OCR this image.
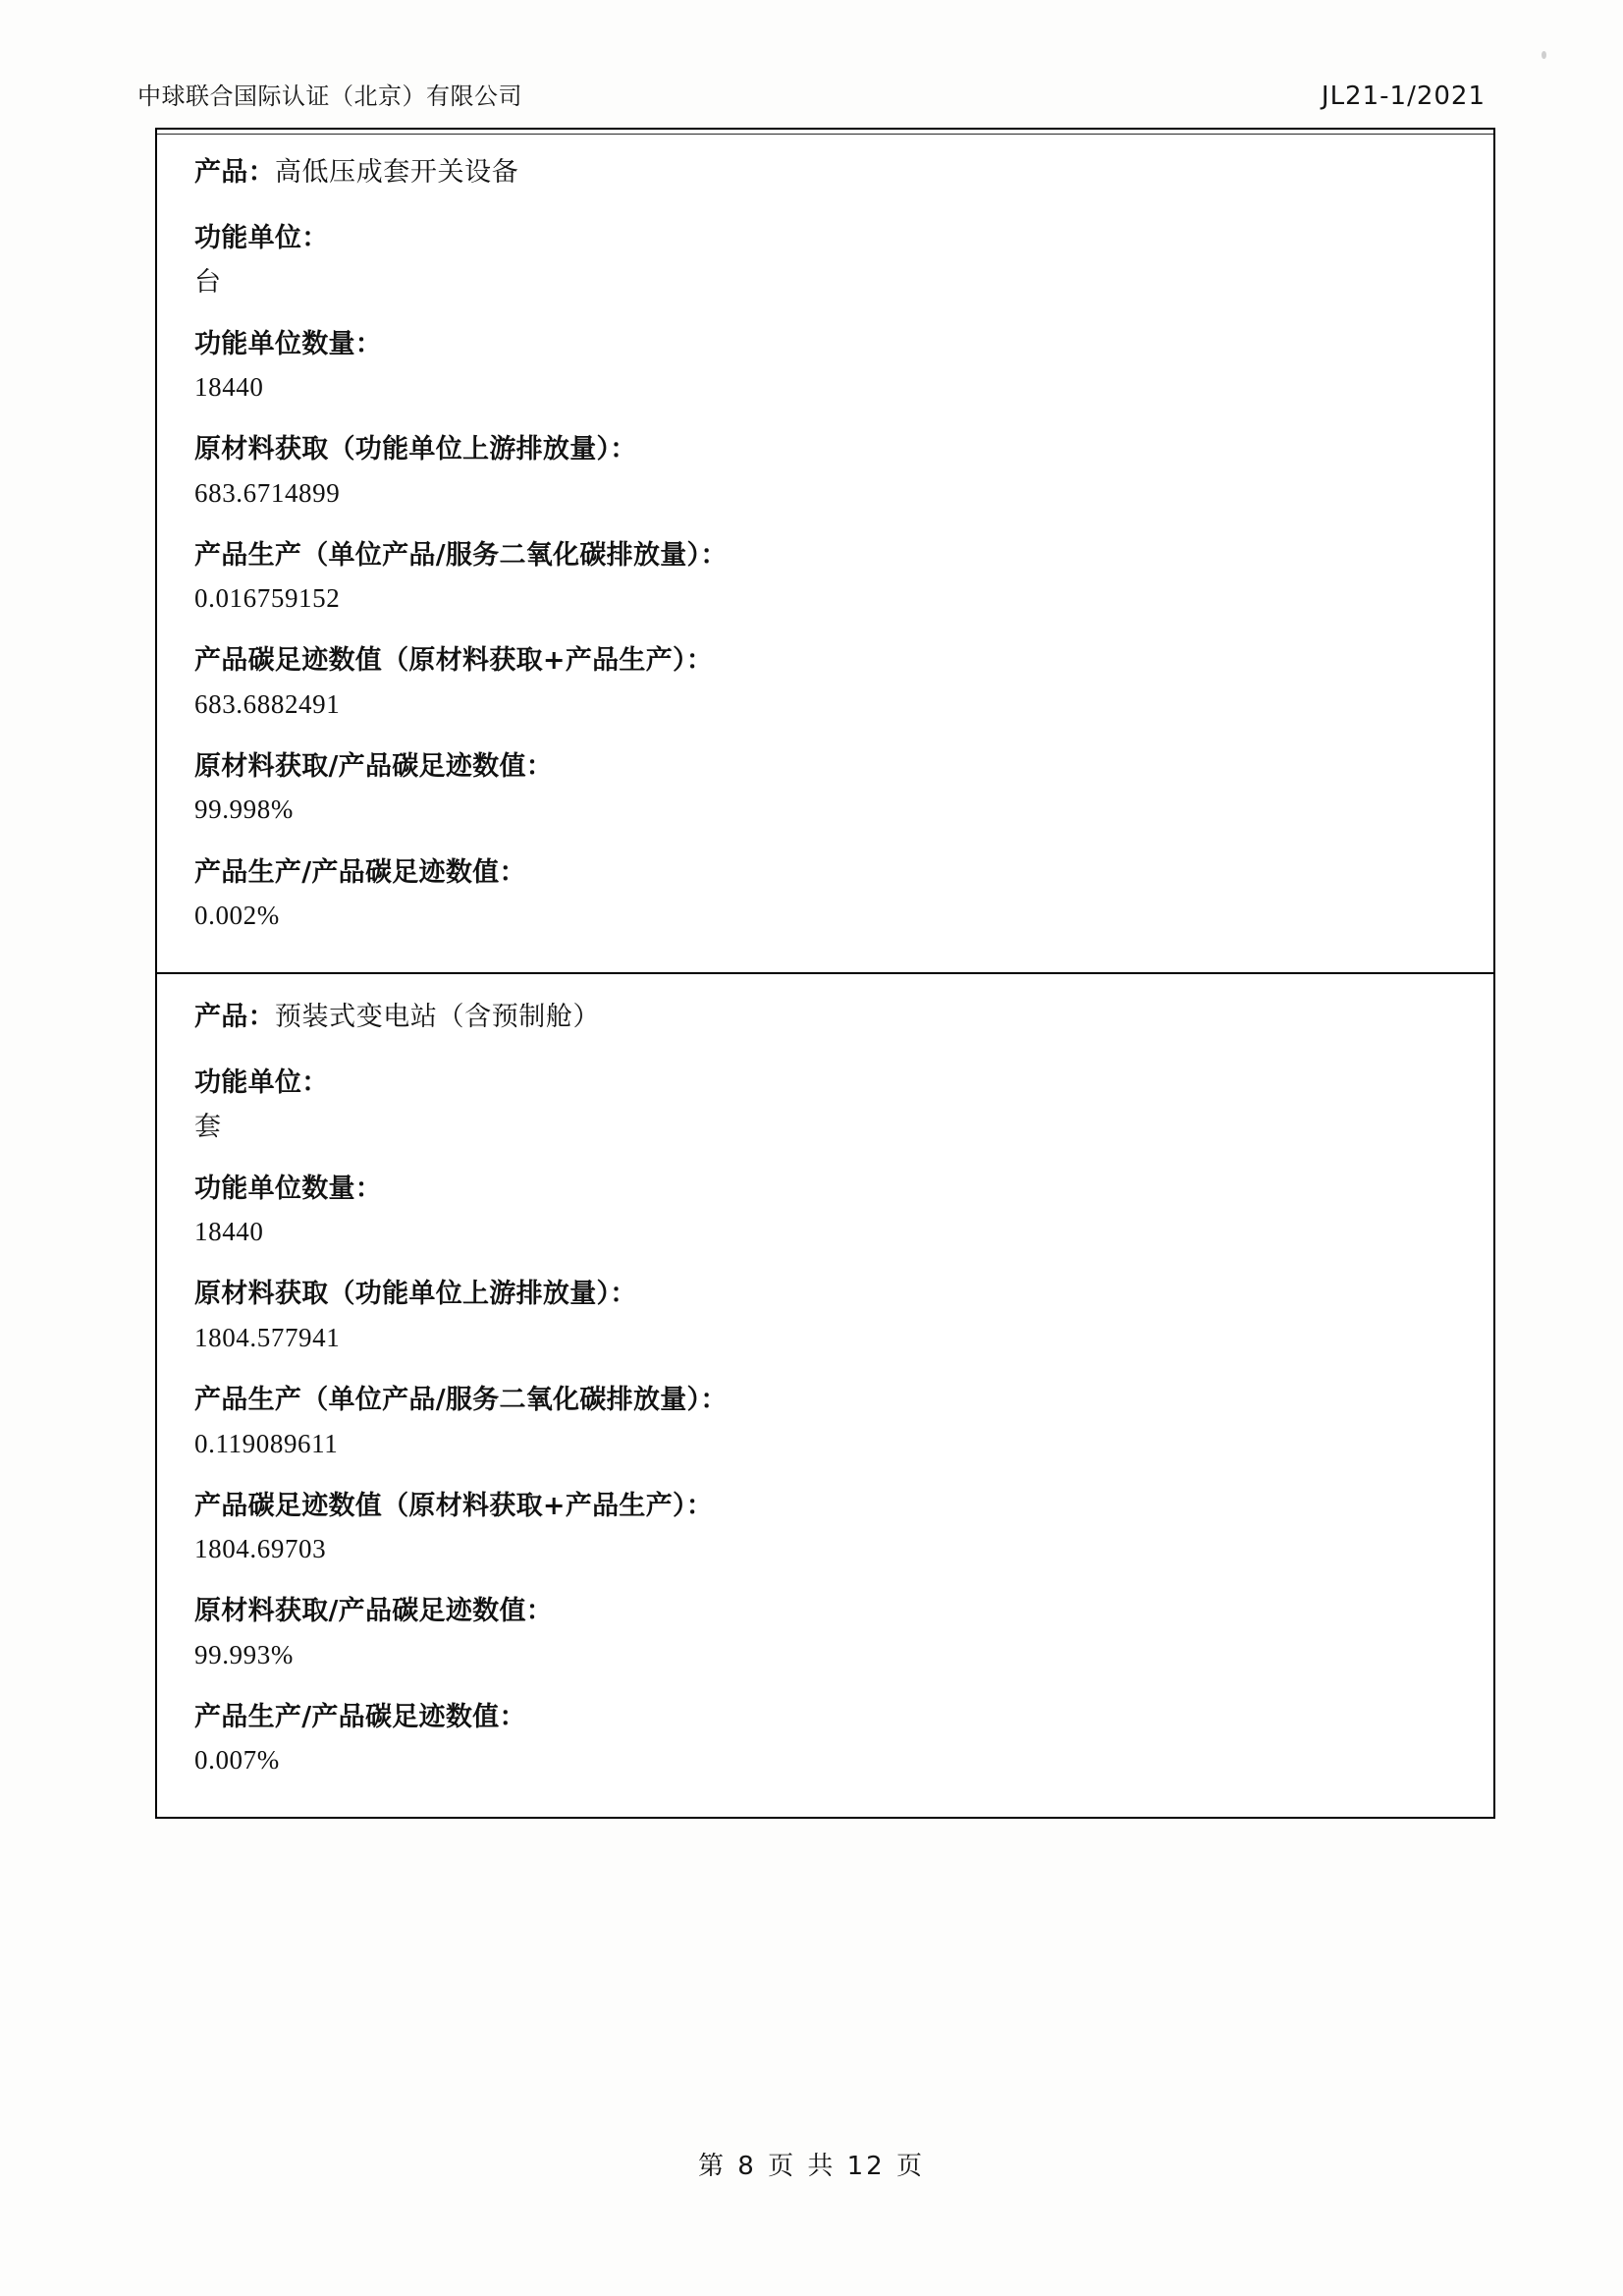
中球联合国际认证（北京）有限公司	JL21-1/2021
产品：高低压成套开关设备
功能单位：
台
功能单位数量：
18440
原材料获取（功能单位上游排放量）：
683.6714899
产品生产（单位产品/服务二氧化碳排放量）：
0.016759152
产品碳足迹数值（原材料获取+产品生产）：
683.6882491
原材料获取/产品碳足迹数值：
99.998%
产品生产/产品碳足迹数值：
0.002%
产品：预装式变电站（含预制舱）
功能单位：
套
功能单位数量：
18440
原材料获取（功能单位上游排放量）：
1804.577941
产品生产（单位产品/服务二氧化碳排放量）：
0.119089611
产品碳足迹数值（原材料获取+产品生产）：
1804.69703
原材料获取/产品碳足迹数值：
99.993%
产品生产/产品碳足迹数值：
0.007%
第 8 页 共 12 页
